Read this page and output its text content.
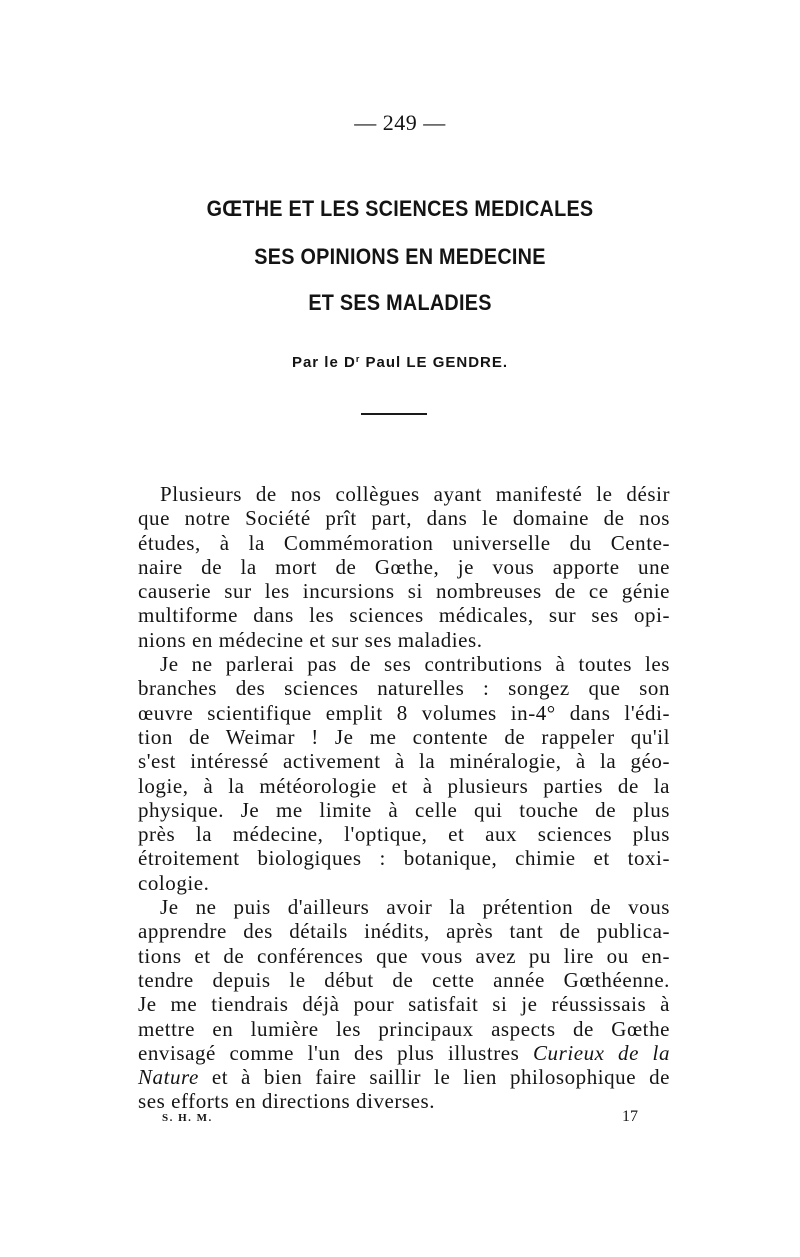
— 249 —
GŒTHE ET LES SCIENCES MEDICALES
SES OPINIONS EN MEDECINE
ET SES MALADIES
Par le $D^r$ Paul LE GENDRE.
Plusieurs de nos collègues ayant manifesté le désir
que notre Société prît part, dans le domaine de nos
études, à la Commémoration universelle du Cente-
naire de la mort de Gœthe, je vous apporte une
causerie sur les incursions si nombreuses de ce génie
multiforme dans les sciences médicales, sur ses opi-
nions en médecine et sur ses maladies.
Je ne parlerai pas de ses contributions à toutes les
branches des sciences naturelles : songez que son
œuvre scientifique emplit 8 volumes in-4° dans l'édi-
tion de Weimar ! Je me contente de rappeler qu'il
s'est intéressé activement à la minéralogie, à la géo-
logie, à la météorologie et à plusieurs parties de la
physique. Je me limite à celle qui touche de plus
près la médecine, l'optique, et aux sciences plus
étroitement biologiques : botanique, chimie et toxi-
cologie.
Je ne puis d'ailleurs avoir la prétention de vous
apprendre des détails inédits, après tant de publica-
tions et de conférences que vous avez pu lire ou en-
tendre depuis le début de cette année Gœthéenne.
Je me tiendrais déjà pour satisfait si je réussissais à
mettre en lumière les principaux aspects de Gœthe
envisagé comme l'un des plus illustres Curieux de la
Nature et à bien faire saillir le lien philosophique de
ses efforts en directions diverses.
S. H. M.	17
